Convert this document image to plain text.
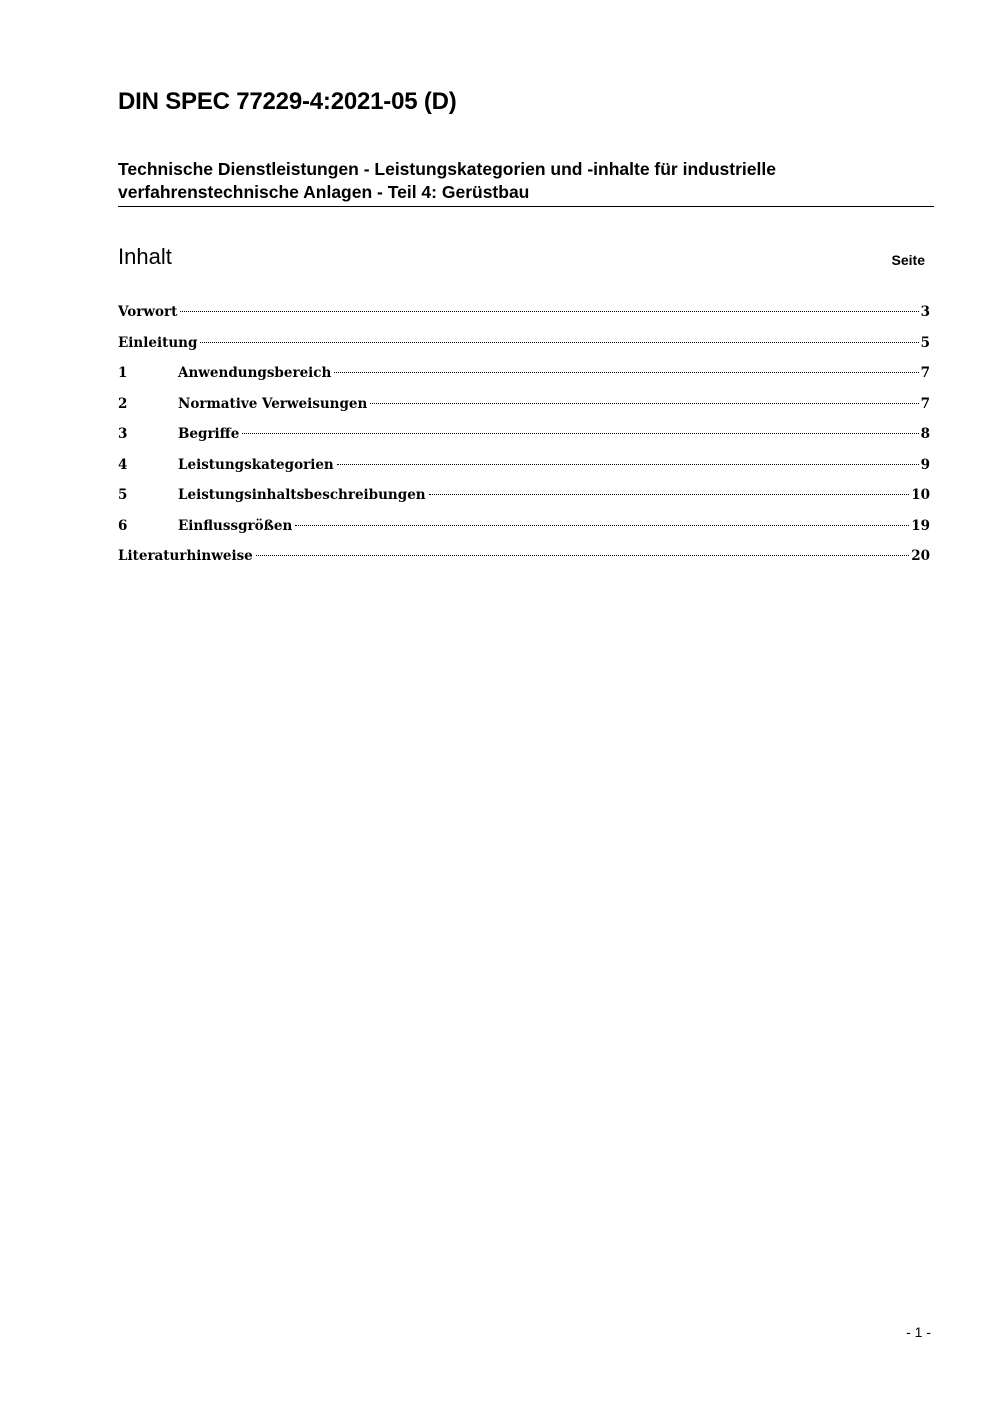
DIN SPEC 77229-4:2021-05 (D)
Technische Dienstleistungen - Leistungskategorien und -inhalte für industrielle
verfahrenstechnische Anlagen - Teil 4: Gerüstbau
Inhalt	Seite
Vorwort	3
Einleitung	5
1	Anwendungsbereich	7
2	Normative Verweisungen	7
3	Begriffe	8
4	Leistungskategorien	9
5	Leistungsinhaltsbeschreibungen	10
6	Einflussgrößen	19
Literaturhinweise	20
- 1 -
